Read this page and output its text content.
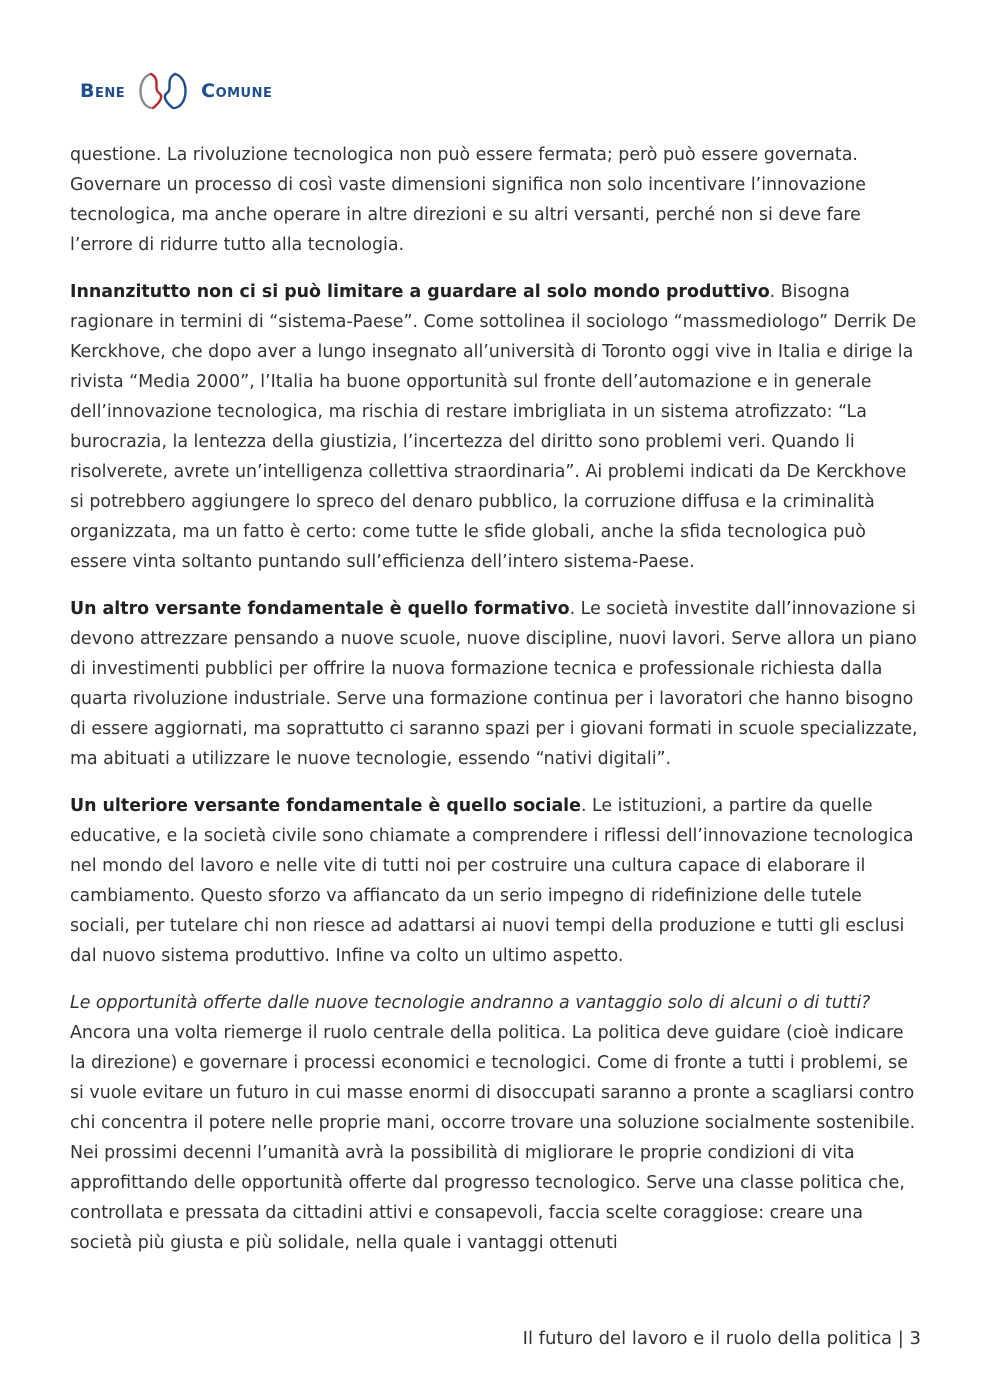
Bene	Comune

questione. La rivoluzione tecnologica non può essere fermata; però può essere governata. Governare un processo di così vaste dimensioni significa non solo incentivare l’innovazione tecnologica, ma anche operare in altre direzioni e su altri versanti, perché non si deve fare l’errore di ridurre tutto alla tecnologia.

Innanzitutto non ci si può limitare a guardare al solo mondo produttivo. Bisogna ragionare in termini di “sistema-Paese”. Come sottolinea il sociologo “massmediologo” Derrik De Kerckhove, che dopo aver a lungo insegnato all’università di Toronto oggi vive in Italia e dirige la rivista “Media 2000”, l’Italia ha buone opportunità sul fronte dell’automazione e in generale dell’innovazione tecnologica, ma rischia di restare imbrigliata in un sistema atrofizzato: “La burocrazia, la lentezza della giustizia, l’incertezza del diritto sono problemi veri. Quando li risolverete, avrete un’intelligenza collettiva straordinaria”. Ai problemi indicati da De Kerckhove si potrebbero aggiungere lo spreco del denaro pubblico, la corruzione diffusa e la criminalità organizzata, ma un fatto è certo: come tutte le sfide globali, anche la sfida tecnologica può essere vinta soltanto puntando sull’efficienza dell’intero sistema-Paese.

Un altro versante fondamentale è quello formativo. Le società investite dall’innovazione si devono attrezzare pensando a nuove scuole, nuove discipline, nuovi lavori. Serve allora un piano di investimenti pubblici per offrire la nuova formazione tecnica e professionale richiesta dalla quarta rivoluzione industriale. Serve una formazione continua per i lavoratori che hanno bisogno di essere aggiornati, ma soprattutto ci saranno spazi per i giovani formati in scuole specializzate, ma abituati a utilizzare le nuove tecnologie, essendo “nativi digitali”.

Un ulteriore versante fondamentale è quello sociale. Le istituzioni, a partire da quelle educative, e la società civile sono chiamate a comprendere i riflessi dell’innovazione tecnologica nel mondo del lavoro e nelle vite di tutti noi per costruire una cultura capace di elaborare il cambiamento. Questo sforzo va affiancato da un serio impegno di ridefinizione delle tutele sociali, per tutelare chi non riesce ad adattarsi ai nuovi tempi della produzione e tutti gli esclusi dal nuovo sistema produttivo. Infine va colto un ultimo aspetto.

Le opportunità offerte dalle nuove tecnologie andranno a vantaggio solo di alcuni o di tutti? Ancora una volta riemerge il ruolo centrale della politica. La politica deve guidare (cioè indicare la direzione) e governare i processi economici e tecnologici. Come di fronte a tutti i problemi, se si vuole evitare un futuro in cui masse enormi di disoccupati saranno a pronte a scagliarsi contro chi concentra il potere nelle proprie mani, occorre trovare una soluzione socialmente sostenibile. Nei prossimi decenni l’umanità avrà la possibilità di migliorare le proprie condizioni di vita approfittando delle opportunità offerte dal progresso tecnologico. Serve una classe politica che, controllata e pressata da cittadini attivi e consapevoli, faccia scelte coraggiose: creare una società più giusta e più solidale, nella quale i vantaggi ottenuti

Il futuro del lavoro e il ruolo della politica | 3
